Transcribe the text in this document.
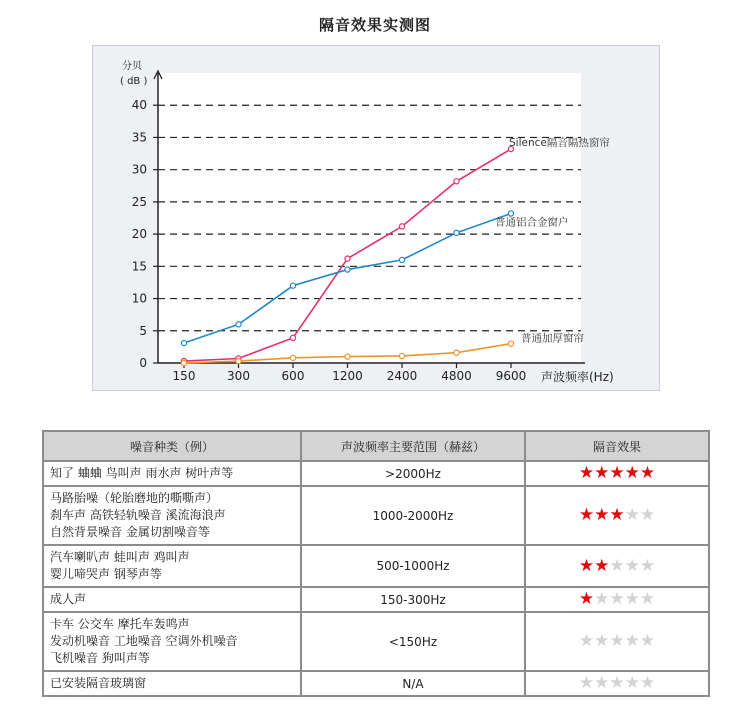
隔音效果实测图
分贝
( dB )
0
5
10
15
20
25
30
35
40
150	300	600 1200 2400 4800 9600 声波频率(Hz)
Silence隔音隔热窗帘
普通铝合金窗户
普通加厚窗帘
噪音种类（例）	声波频率主要范围（赫兹）	隔音效果

知了 蛐蛐 鸟叫声 雨水声 树叶声等	>2000Hz	★★★★★

马路胎噪（轮胎磨地的嘶嘶声）
刹车声 高铁轻轨噪音 溪流海浪声
自然背景噪音 金属切割噪音等	1000-2000Hz	★★★★★

汽车喇叭声 蛙叫声 鸡叫声
婴儿啼哭声 钢琴声等	500-1000Hz	★★★★★

成人声	150-300Hz	★★★★★

卡车 公交车 摩托车轰鸣声
发动机噪音 工地噪音 空调外机噪音
飞机噪音 狗叫声等	<150Hz	★★★★★

已安装隔音玻璃窗	N/A	★★★★★
